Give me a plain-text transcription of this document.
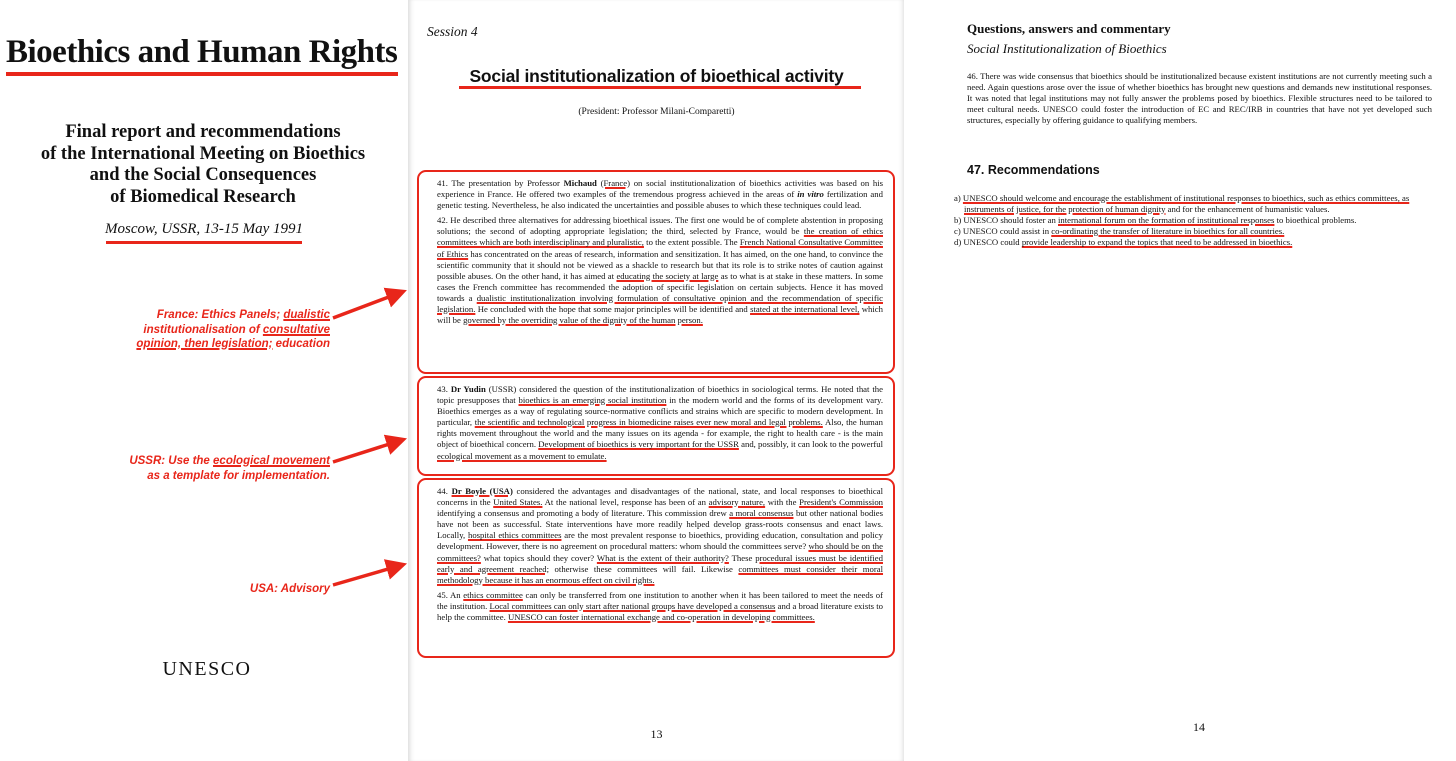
Bioethics and Human Rights
Final report and recommendations
of the International Meeting on Bioethics
and the Social Consequences
of Biomedical Research
Moscow, USSR, 13-15 May 1991
France: Ethics Panels; dualistic
institutionalisation of consultative
opinion, then legislation; education
USSR: Use the ecological movement
as a template for implementation.
USA: Advisory
UNESCO
Session 4
Social institutionalization of bioethical activity
(President: Professor Milani-Comparetti)

41. The presentation by Professor Michaud (France) on social institutionalization of bioethics activities was based on his experience in France. He offered two examples of the tremendous progress achieved in the areas of in vitro fertilization and genetic testing. Nevertheless, he also indicated the uncertainties and possible abuses to which these techniques could lead.

42. He described three alternatives for addressing bioethical issues. The first one would be of complete abstention in proposing solutions; the second of adopting appropriate legislation; the third, selected by France, would be the creation of ethics committees which are both interdisciplinary and pluralistic, to the extent possible. The French National Consultative Committee of Ethics has concentrated on the areas of research, information and sensitization. It has aimed, on the one hand, to convince the scientific community that it should not be viewed as a shackle to research but that its role is to strike notes of caution against possible abuses. On the other hand, it has aimed at educating the society at large as to what is at stake in these matters. In some cases the French committee has recommended the adoption of specific legislation on certain subjects. Hence it has moved towards a dualistic institutionalization involving formulation of consultative opinion and the recommendation of specific legislation. He concluded with the hope that some major principles will be identified and stated at the international level, which will be governed by the overriding value of the dignity of the human person.

43. Dr Yudin (USSR) considered the question of the institutionalization of bioethics in sociological terms. He noted that the topic presupposes that bioethics is an emerging social institution in the modern world and the forms of its development vary. Bioethics emerges as a way of regulating source-normative conflicts and strains which are specific to modern development. In particular, the scientific and technological progress in biomedicine raises ever new moral and legal problems. Also, the human rights movement throughout the world and the many issues on its agenda - for example, the right to health care - is the main object of bioethical concern. Development of bioethics is very important for the USSR and, possibly, it can look to the powerful ecological movement as a movement to emulate.

44. Dr Boyle (USA) considered the advantages and disadvantages of the national, state, and local responses to bioethical concerns in the United States. At the national level, response has been of an advisory nature, with the President's Commission identifying a consensus and promoting a body of literature. This commission drew a moral consensus but other national bodies have not been as successful. State interventions have more readily helped develop grass-roots consensus and enact laws. Locally, hospital ethics committees are the most prevalent response to bioethics, providing education, consultation and policy development. However, there is no agreement on procedural matters: whom should the committees serve? who should be on the committees? what topics should they cover? What is the extent of their authority? These procedural issues must be identified early and agreement reached; otherwise these committees will fail. Likewise committees must consider their moral methodology because it has an enormous effect on civil rights.

45. An ethics committee can only be transferred from one institution to another when it has been tailored to meet the needs of the institution. Local committees can only start after national groups have developed a consensus and a broad literature exists to help the committee. UNESCO can foster international exchange and co-operation in developing committees.

13
Questions, answers and commentary
Social Institutionalization of Bioethics
46. There was wide consensus that bioethics should be institutionalized because existent institutions are not currently meeting such a need. Again questions arose over the issue of whether bioethics has brought new questions and demands new institutional responses. It was noted that legal institutions may not fully answer the problems posed by bioethics. Flexible structures need to be tailored to meet cultural needs. UNESCO could foster the introduction of EC and REC/IRB in countries that have not yet developed such structures, especially by offering guidance to qualifying members.
47. Recommendations
a) UNESCO should welcome and encourage the establishment of institutional responses to bioethics, such as ethics committees, as instruments of justice, for the protection of human dignity and for the enhancement of humanistic values.
b) UNESCO should foster an international forum on the formation of institutional responses to bioethical problems.
c) UNESCO could assist in co-ordinating the transfer of literature in bioethics for all countries.
d) UNESCO could provide leadership to expand the topics that need to be addressed in bioethics.
14
